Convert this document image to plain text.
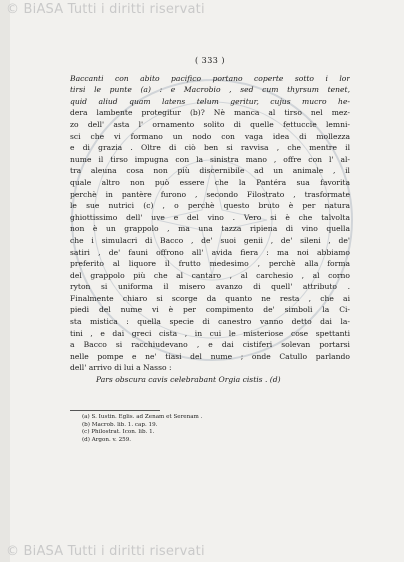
© BiASA Tutti i diritti riservati
( 333 )
Baccanti con abito pacifico portano coperte sotto i lor
tirsi le punte (a) : e Macrobio , sed cum thyrsum tenet,
quid aliud quam latens telum geritur, cujus mucro he-
dera lambente protegitur (b)? Nè manca al tirso nel mez-
zo dell' asta l' ornamento solito di quelle fettuccie lemni-
sci che vi formano un nodo con vaga idea di mollezza
e di grazia . Oltre di ciò ben si ravvisa , che mentre il
nume il tirso impugna con la sinistra mano , offre con l' al-
tra aleuna cosa non più discernibile ad un animale , il
quale altro non può essere che la Pantéra sua favorita
perchè in pantère furono , secondo Filostrato , trasformate
le sue nutrici (c) , o perchè questo bruto è per natura
ghiottissimo dell' uve e del vino . Vero si è che talvolta
non è un grappolo , ma una tazza ripiena di vino quella
che i simulacri di Bacco , de' suoi genii , de' sileni , de'
satiri , de' fauni offrono all' avida fiera : ma noi abbiamo
preferito al liquore il frutto medesimo , perchè alla forma
del grappolo più che al cantaro , al carchesio , al corno
ryton si uniforma il misero avanzo di quell' attributo .
Finalmente chiaro si scorge da quanto ne resta , che ai
piedi del nume vi è per compimento de' simboli la Ci-
sta mistica : quella specie di canestro vanno detto dai la-
tini , e dai greci cista , in cui le misteriose cose spettanti
a Bacco si racchiudevano , e dai cistiferi solevan portarsi
nelle pompe e ne' tiasi del nume ; onde Catullo parlando
dell' arrivo di lui a Nasso :
Pars obscura cavis celebrabant Orgia cistis . (d)
(a) S. Iustin. Eglis. ad Zenam et Serenam .
(b) Macrob. lib. 1. cap. 19.
(c) Philostrat. Icon. lib. 1.
(d) Argon. v. 259.
© BiASA Tutti i diritti riservati
